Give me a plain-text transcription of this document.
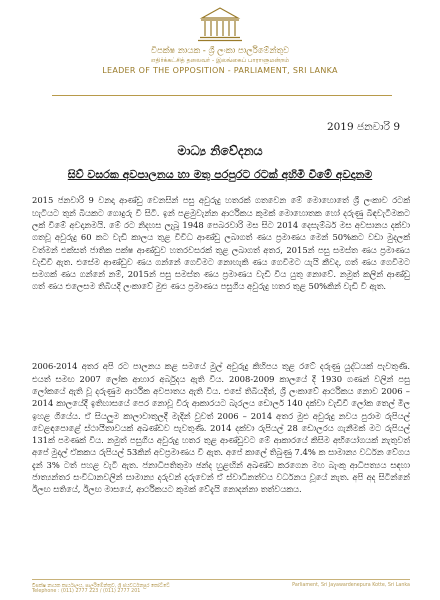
විපක්ෂ නායක - ශ්‍රී ලංකා පාර්ලිමේන්තුව
எதிர்க்கட்சித் தலைவர் - இலங்கைப் பாராளுமன்றம்
LEADER OF THE OPPOSITION - PARLIAMENT, SRI LANKA
2019 ජනවාරි 9
මාධ්‍ය නිවේදනය
සිව් වසරක අවපාලනය හා මතු පරපුරට රටක් අහිමි වීමේ අවදානම

2015 ජනවාරි 9 වනදා ආණ්ඩු වෙනසින් පසු අවුරුදු හතරක් ගතවෙන මේ මොහොතේ ශ්‍රී ලංකාව රටක් හැටියට තුන් බියකට ගොදුරු වී සිටී. ඉන් පළමුවැන්න ආර්ථිකය කුමක් මොහොතක හෝ දරුණු බිඳවැටීමකට ලක් වීමේ අවදානමයි. මේ රට නිදහස ලැබූ 1948 පෙබරවාරි මස සිට 2014 දෙසැම්බර් මස අවසානය දක්වා ගතවූ අවුරුදු 60 කට වැඩි කාලය තුළ විවිධ ආණ්ඩු ලබාගත් ණය ප්‍රමාණය මෙන් 50%කට වඩා මුදලක් වත්මන් එක්සත් ජාතික පක්ෂ ආණ්ඩුව හතරවසරක් තුළ ලබාගත් අතර, 2015න් පසු සමස්ත ණය ප්‍රමාණය වැඩිවී ඇත. එසේම ආණ්ඩුව ණය ගන්නේ ගෙවීමට නොහැකි ණය ගෙවීමට යැයි කීවද, ගත් ණය ගෙවීමට සමගක් ණය ගන්නේ නම්, 2015න් පසු සමස්ත ණය ප්‍රමාණය වැඩි විය යුතු නොවේ. නමුත් කලින් ආණ්ඩු ගත් ණය එලෙසම තිබියදී ලංකාවේ මුළු ණය ප්‍රමාණය පසුගිය අවුරුදු හතර තුළ 50%කින් වැඩි වී ඇත.

2006-2014 අතර අපි රට පාලනය කළ සමයේ මුල් අවුරුදු කිහිපය තුළ රටේ දරුණු යුද්ධයක් පැවතුණි. එයත් සමඟ 2007 ලෝක ආහාර අර්බුදය ඇති විය. 2008-2009 කාලයේ දී 1930 ගණන් වලින් පසු ලෝකයේ ඇති වූ දරුණුම ආර්ථික අවපාතය ඇති විය. එසේ තිබියදීත්, ශ්‍රී ලංකාවේ ආර්ථිකය නොව 2006 – 2014 කාලයේදී ඉතිහාසයේ පෙර නොවූ විරු ආකාරයට බැරලය ඩොලර් 140 දක්වා වැඩිවී ලෝක තෙල් මිල ඉහළ ගියේය. ඒ සියලුම කාලාවාතුලදී මැදින් වුවත් 2006 – 2014 අතර මුළු අවුරුදු නවය පුරාම රුපියල් වෙළඳපොළේ ස්ථායීතාවයක් අඛණ්ඩව පැවතුණි. 2014 දක්වා රුපියල් 28 ඩොලරය ගැනීමක් මට රුපියල් 131ක් පමණක් විය. නමුත් පසුගිය අවුරුදු හතර තුළ ආණ්ඩුවට මේ ආකාරයේ කිසිම අභියෝගයක් නැතුවත් අපේ මුදල් ඒකකය රුපියල් 53කින් අවප්‍රමාණය වී ඇත. අපේ කාලේ තිබුණු 7.4% ක සාමාන්‍ය වර්ධන වේගය දැන් 3% ටත් පහළ වැටී ඇත. ජනාධිපතිතුමා ඡන්ද හුළඟින් අඛණ්ඩ කරගෙන මහ බැංකු ආධිපත්‍යය සඳහා ජාත්‍යන්තර සංවිධානවලින් සාමාන්‍ය දරුවන් දරුවෙන් ඒ ස්වාධීනත්වය වර්ධනය වූයේ නැත. අපි අද සිටින්නේ ඊලඟ සතියේ, ඊලඟ මාසයේ, ආර්ථිකයට කුමක් වේදැයි නොදන්නා තත්වයකය.

විපක්ෂ නායක කාර්යාලය, පාර්ලිමේන්තුව, ශ්‍රී ජයවර්ධනපුර කෝට්ටේ	Parliament, Sri Jayawardenepura Kotte, Sri Lanka
Telephone : (011) 2777 223 / (011) 2777 201
